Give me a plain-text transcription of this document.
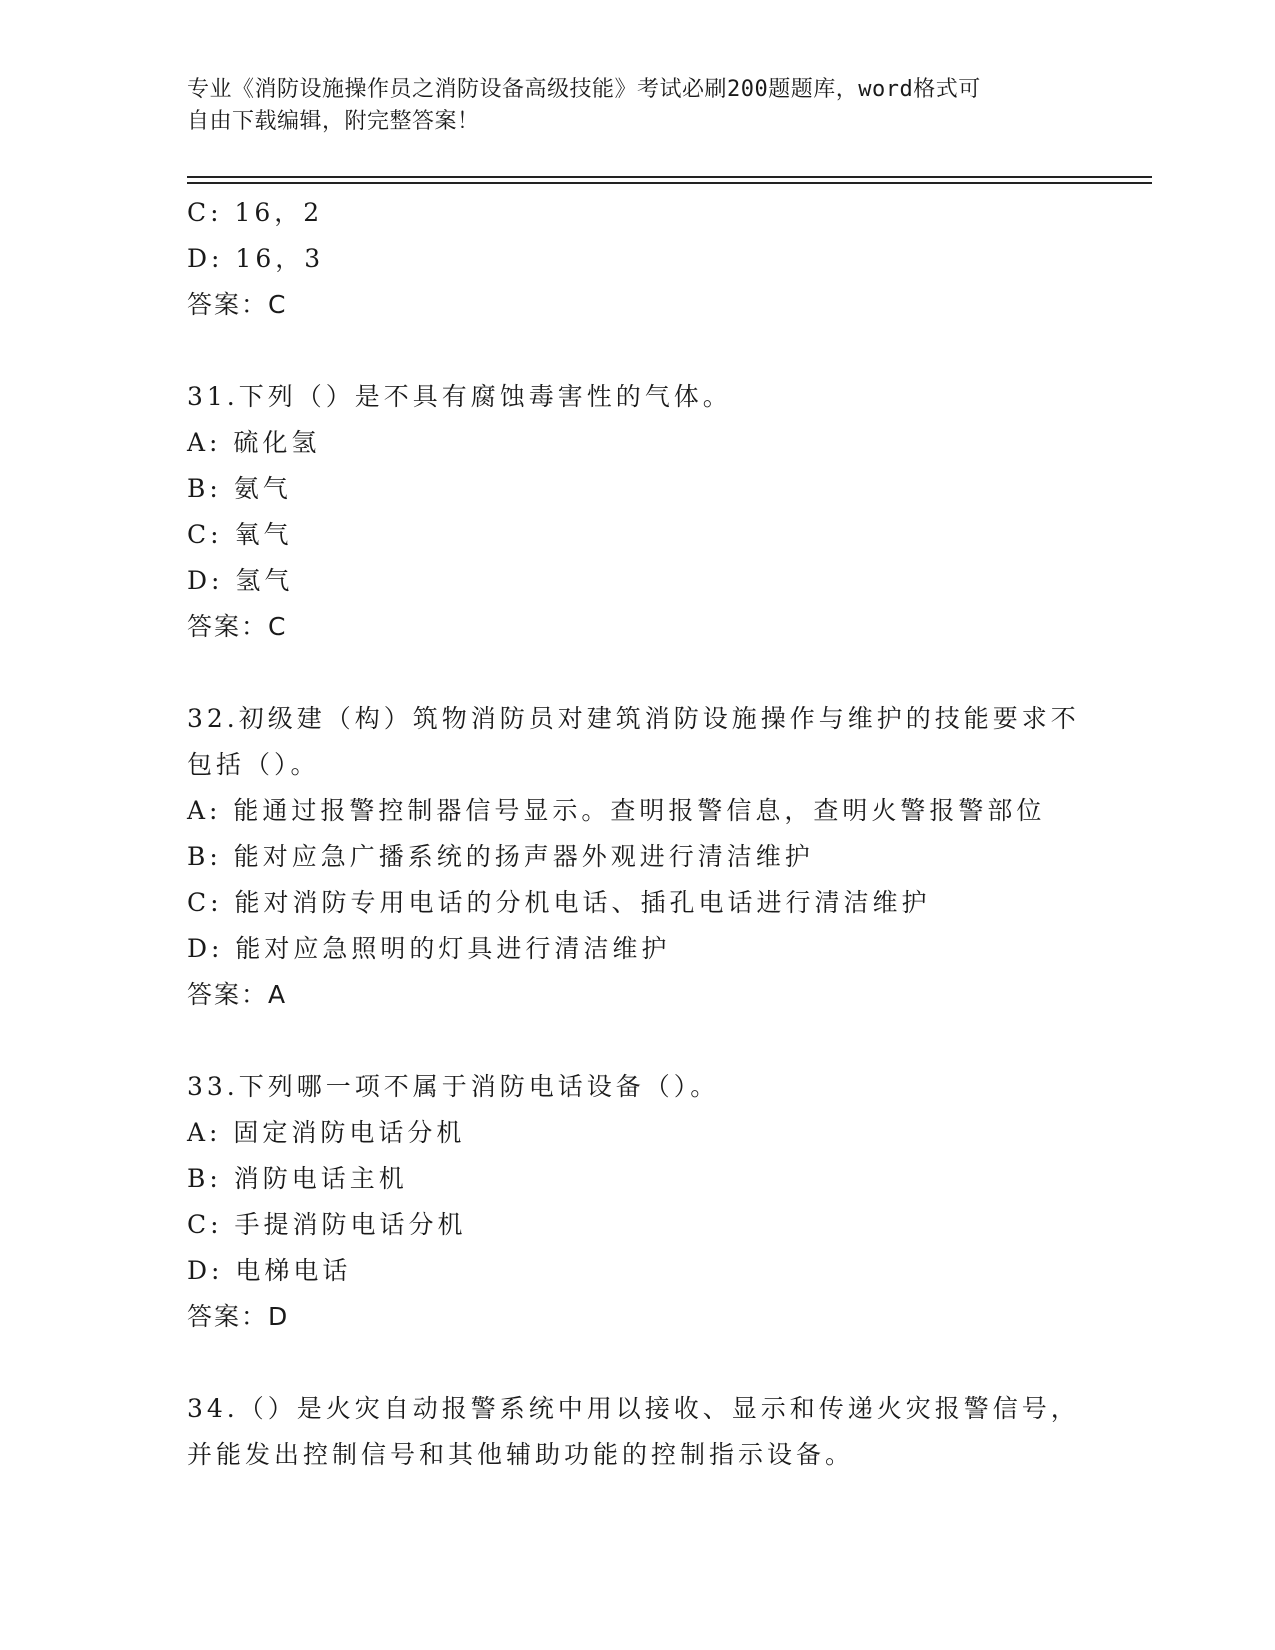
专业《消防设施操作员之消防设备高级技能》考试必刷200题题库，word格式可
自由下载编辑，附完整答案！
C: 16，2
D: 16，3
答案：C
31.下列（）是不具有腐蚀毒害性的气体。
A: 硫化氢
B: 氨气
C: 氧气
D: 氢气
答案：C
32.初级建（构）筑物消防员对建筑消防设施操作与维护的技能要求不包括（）。
A: 能通过报警控制器信号显示。查明报警信息，查明火警报警部位
B: 能对应急广播系统的扬声器外观进行清洁维护
C: 能对消防专用电话的分机电话、插孔电话进行清洁维护
D: 能对应急照明的灯具进行清洁维护
答案：A
33.下列哪一项不属于消防电话设备（）。
A: 固定消防电话分机
B: 消防电话主机
C: 手提消防电话分机
D: 电梯电话
答案：D
34.（）是火灾自动报警系统中用以接收、显示和传递火灾报警信号，并能发出控制信号和其他辅助功能的控制指示设备。
